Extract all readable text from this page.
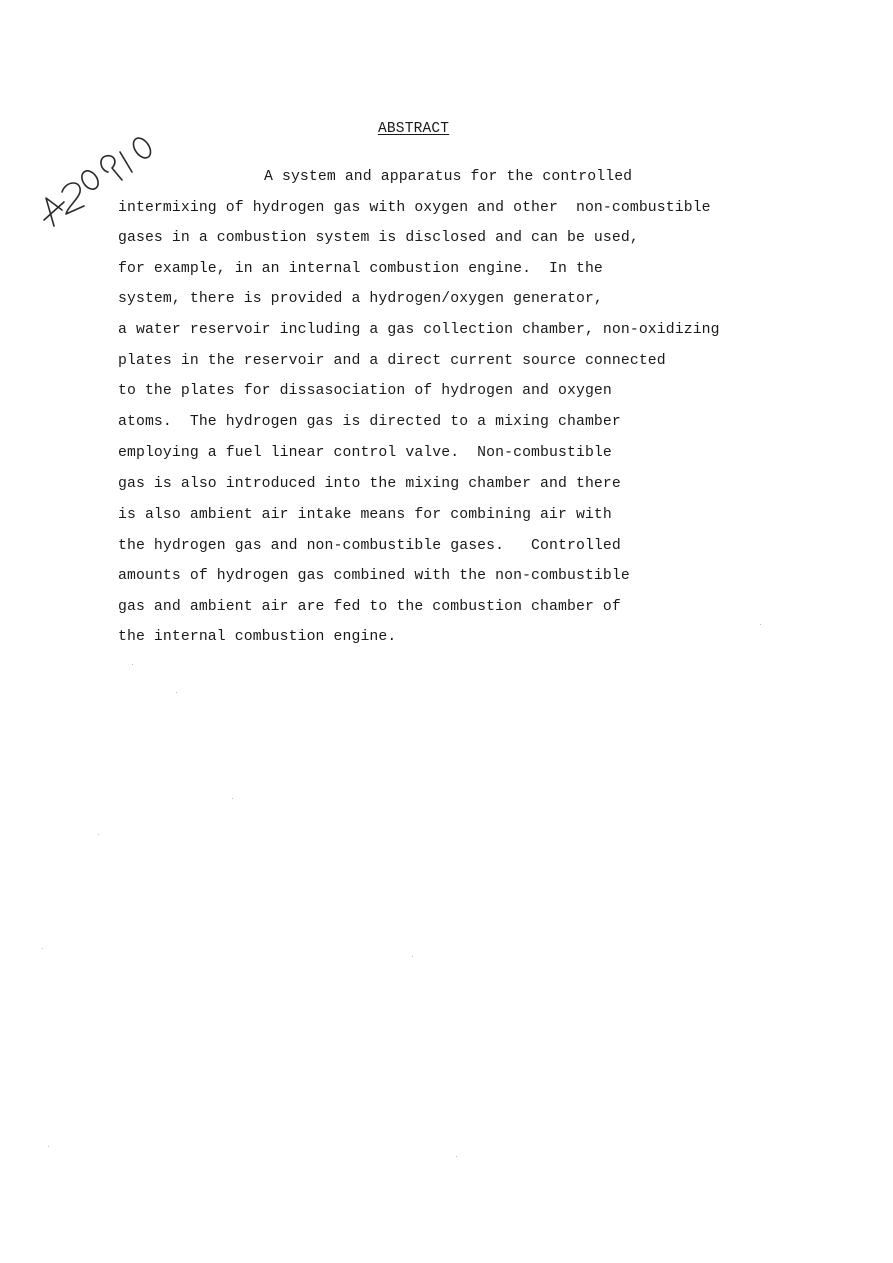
ABSTRACT
A system and apparatus for the controlled
intermixing of hydrogen gas with oxygen and other  non-combustible
gases in a combustion system is disclosed and can be used,
for example, in an internal combustion engine.  In the
system, there is provided a hydrogen/oxygen generator,
a water reservoir including a gas collection chamber, non-oxidizing
plates in the reservoir and a direct current source connected
to the plates for dissasociation of hydrogen and oxygen
atoms.  The hydrogen gas is directed to a mixing chamber
employing a fuel linear control valve.  Non-combustible
gas is also introduced into the mixing chamber and there
is also ambient air intake means for combining air with
the hydrogen gas and non-combustible gases.   Controlled
amounts of hydrogen gas combined with the non-combustible
gas and ambient air are fed to the combustion chamber of
the internal combustion engine.
